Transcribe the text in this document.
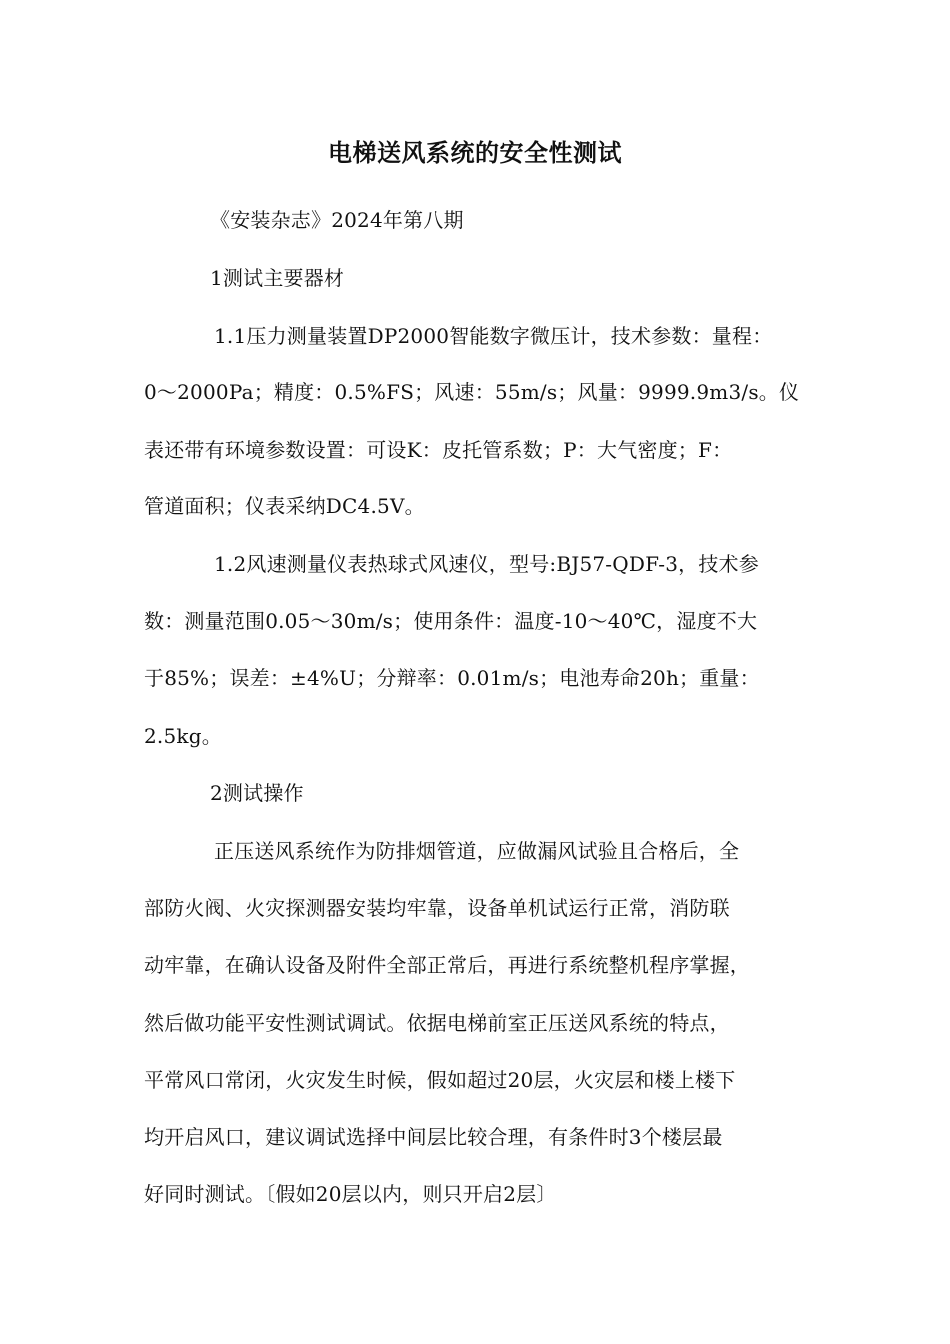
电梯送风系统的安全性测试
《安装杂志》2024年第八期
1测试主要器材
1.1压力测量装置DP2000智能数字微压计，技术参数：量程：
0～2000Pa；精度：0.5%FS；风速：55m/s；风量：9999.9m3/s。仪
表还带有环境参数设置：可设K：皮托管系数；P：大气密度；F：
管道面积；仪表采纳DC4.5V。
1.2风速测量仪表热球式风速仪，型号:BJ57-QDF-3，技术参
数：测量范围0.05～30m/s；使用条件：温度-10～40℃，湿度不大
于85%；误差：±4%U；分辩率：0.01m/s；电池寿命20h；重量：
2.5kg。
2测试操作
正压送风系统作为防排烟管道，应做漏风试验且合格后，全
部防火阀、火灾探测器安装均牢靠，设备单机试运行正常，消防联
动牢靠，在确认设备及附件全部正常后，再进行系统整机程序掌握，
然后做功能平安性测试调试。依据电梯前室正压送风系统的特点，
平常风口常闭，火灾发生时候，假如超过20层，火灾层和楼上楼下
均开启风口，建议调试选择中间层比较合理，有条件时3个楼层最
好同时测试。〔假如20层以内，则只开启2层〕
